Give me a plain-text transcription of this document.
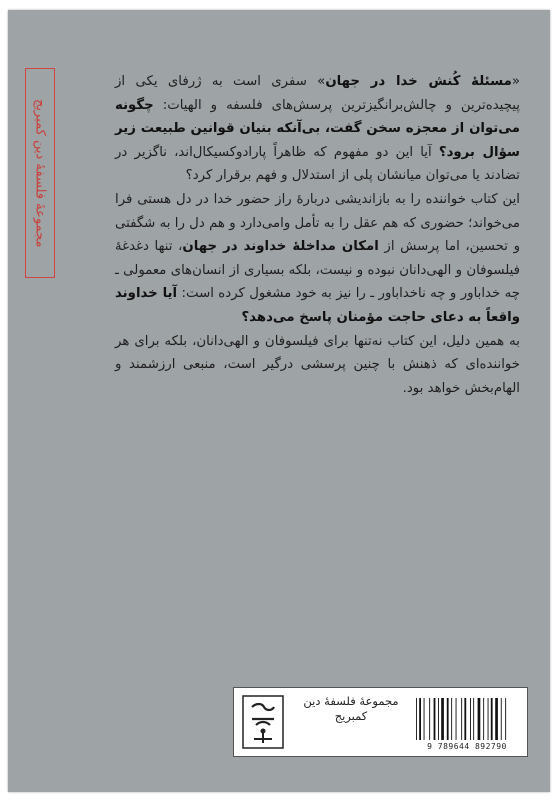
مجموعهٔ فلسفهٔ دین کمبریج

«مسئلهٔ کُنش خدا در جهان» سفری است به ژرفای یکی از پیچیده‌ترین و چالش‌برانگیزترین پرسش‌های فلسفه و الهیات: چگونه می‌توان از معجزه سخن گفت، بی‌آنکه بنیان قوانین طبیعت زیر سؤال برود؟ آیا این دو مفهوم که ظاهراً پارادوکسیکال‌اند، ناگزیر در تضادند یا می‌توان میانشان پلی از استدلال و فهم برقرار کرد؟

این کتاب خواننده را به بازاندیشی دربارهٔ راز حضور خدا در دل هستی فرا می‌خواند؛ حضوری که هم عقل را به تأمل وامی‌دارد و هم دل را به شگفتی و تحسین، اما پرسش از امکان مداخلهٔ خداوند در جهان، تنها دغدغهٔ فیلسوفان و الهی‌دانان نبوده و نیست، بلکه بسیاری از انسان‌های معمولی ـ چه خداباور و چه ناخداباور ـ را نیز به خود مشغول کرده است: آیا خداوند واقعاً به دعای حاجت مؤمنان پاسخ می‌دهد؟

به همین دلیل، این کتاب نه‌تنها برای فیلسوفان و الهی‌دانان، بلکه برای هر خواننده‌ای که ذهنش با چنین پرسشی درگیر است، منبعی ارزشمند و الهام‌بخش خواهد بود.

مجموعهٔ فلسفهٔ دین
کمبریج
9 789644 892790
